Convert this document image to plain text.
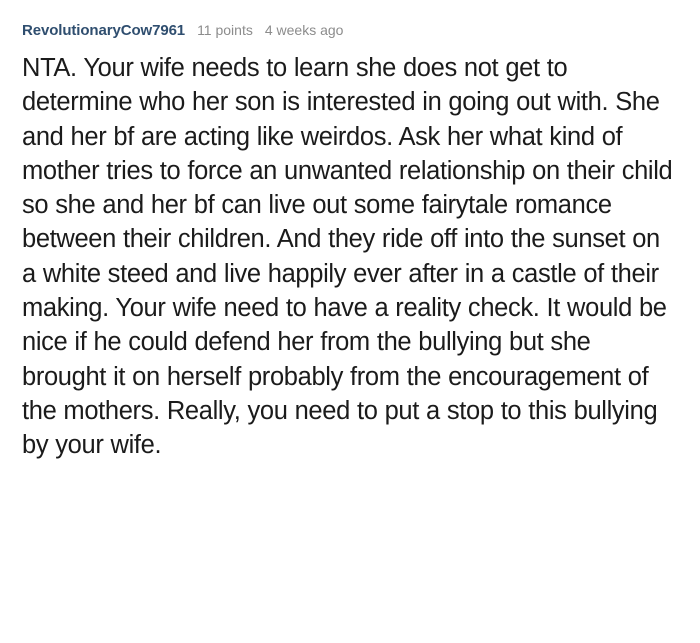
RevolutionaryCow7961 11 points 4 weeks ago
NTA. Your wife needs to learn she does not get to determine who her son is interested in going out with. She and her bf are acting like weirdos. Ask her what kind of mother tries to force an unwanted relationship on their child so she and her bf can live out some fairytale romance between their children. And they ride off into the sunset on a white steed and live happily ever after in a castle of their making. Your wife need to have a reality check. It would be nice if he could defend her from the bullying but she brought it on herself probably from the encouragement of the mothers. Really, you need to put a stop to this bullying by your wife.
